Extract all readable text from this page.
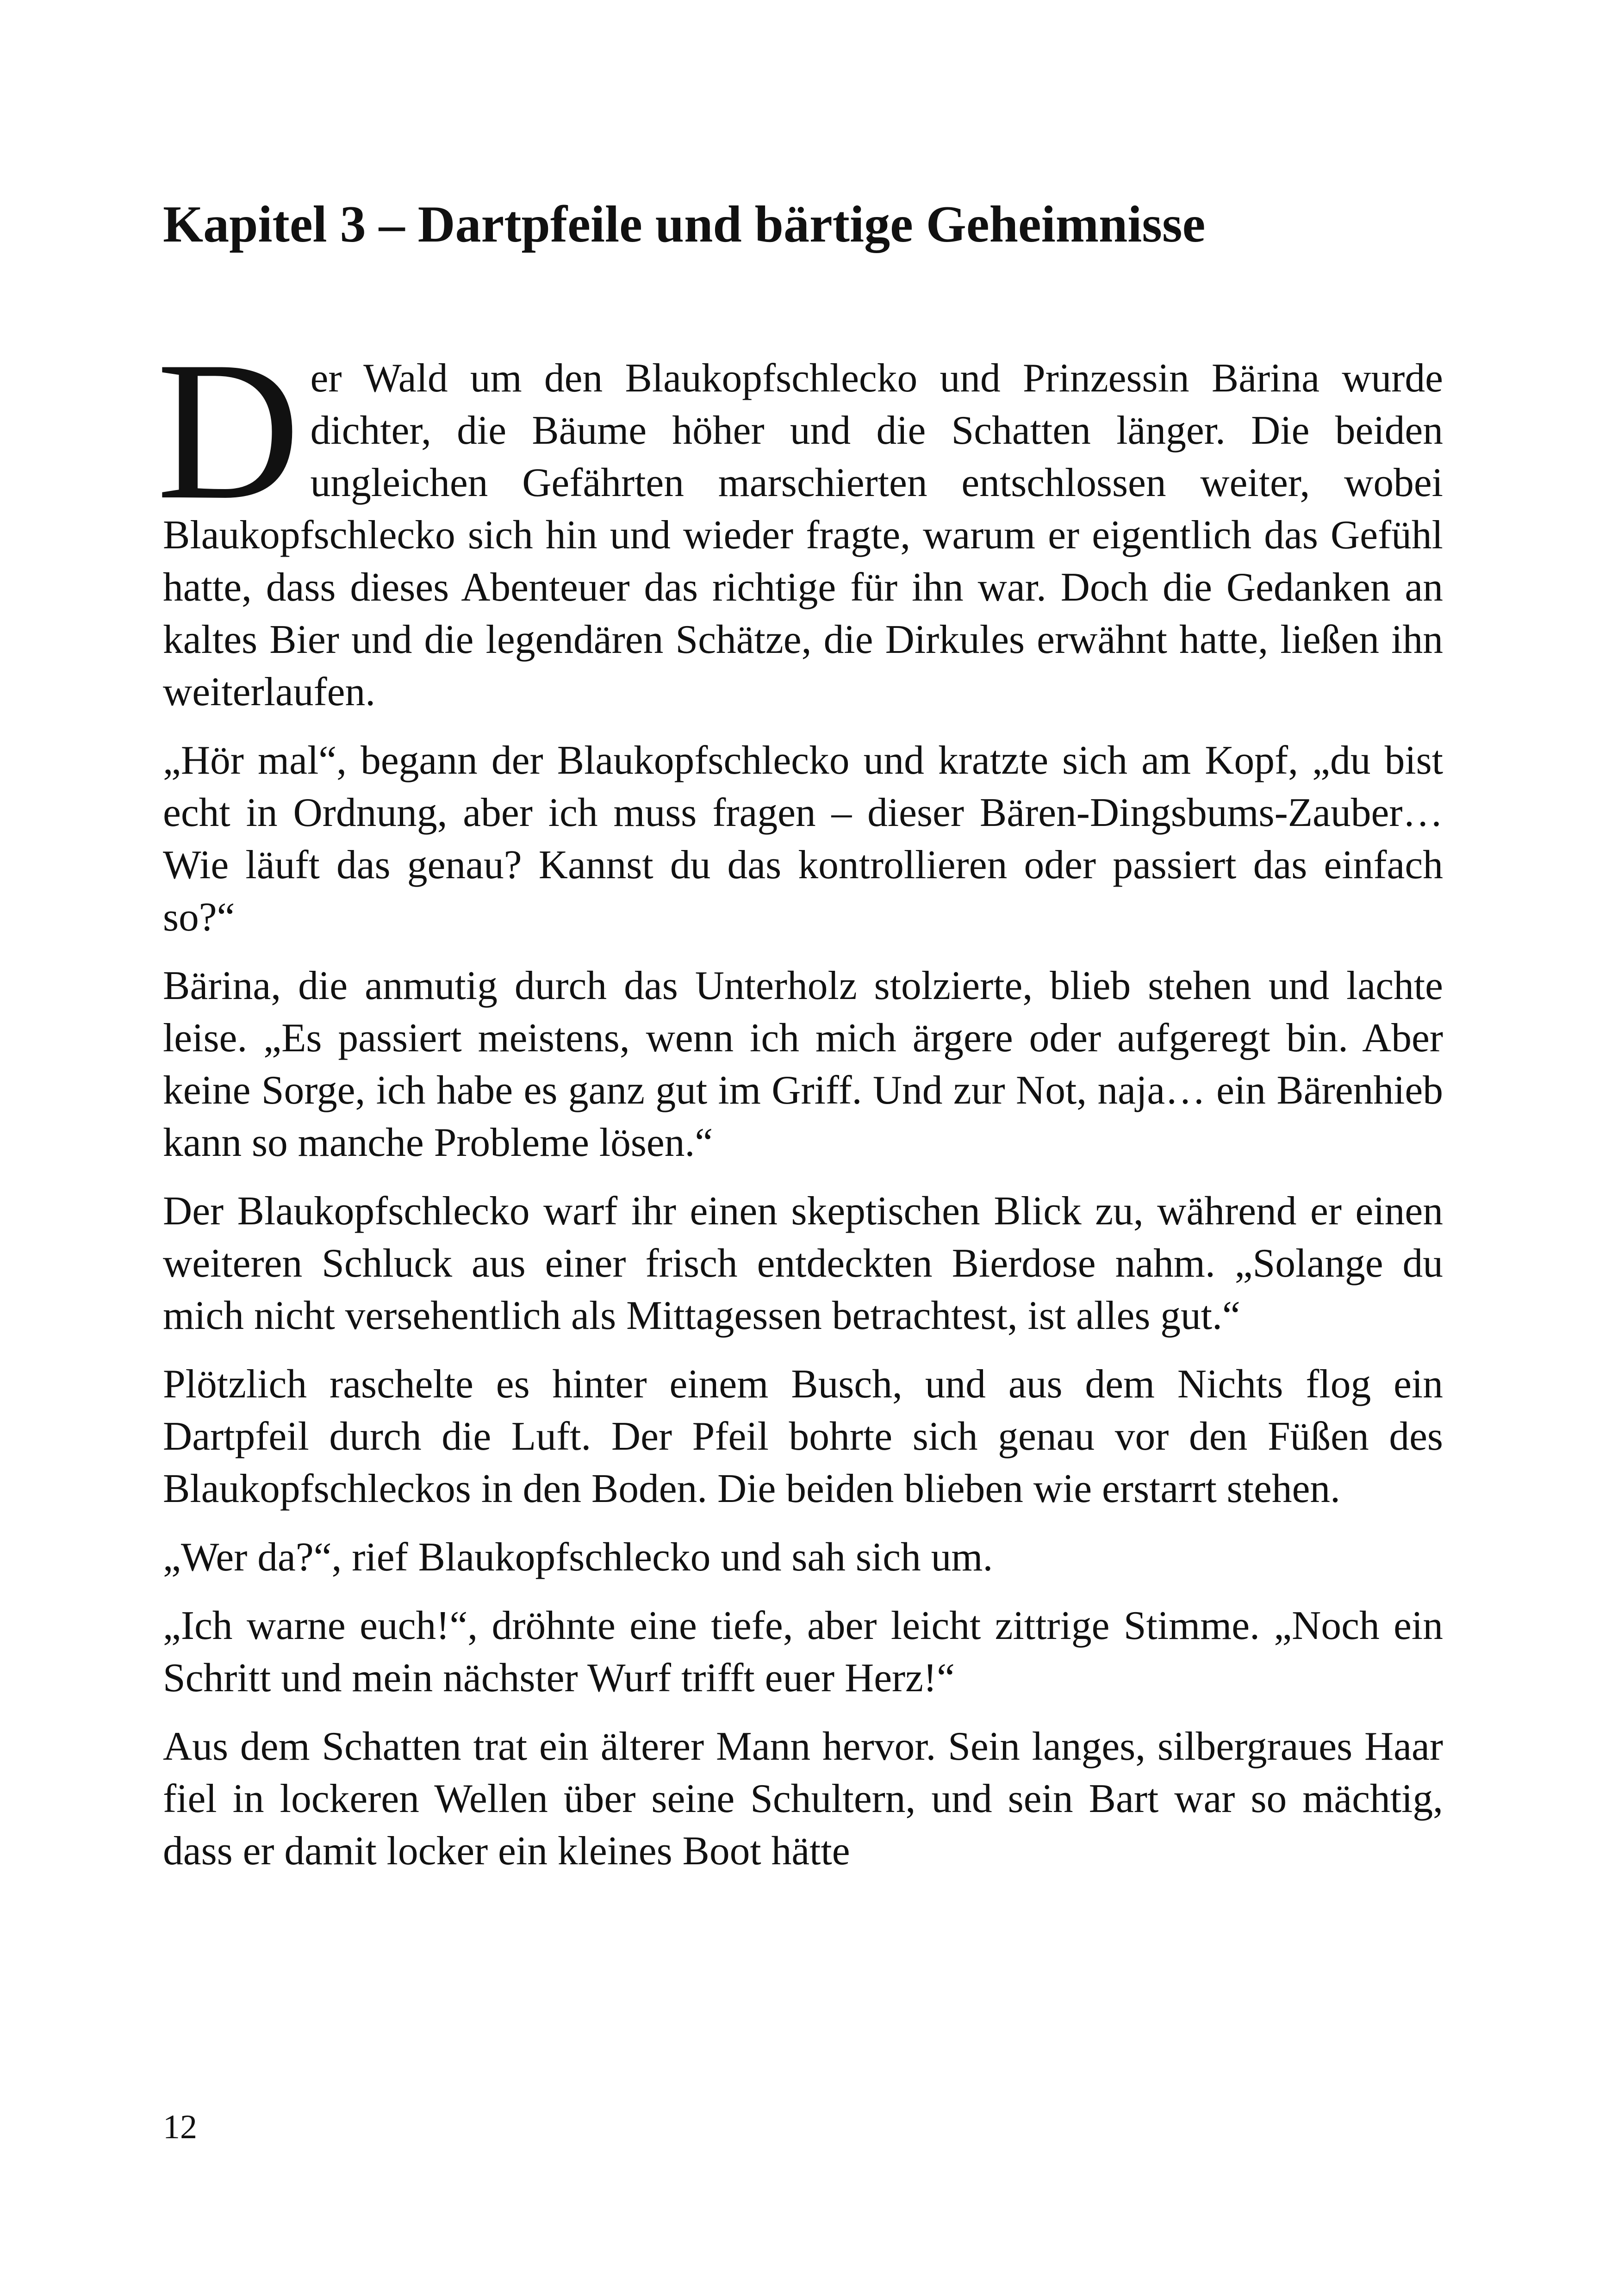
Kapitel 3 – Dartpfeile und bärtige Geheimnisse

Der Wald um den Blaukopfschlecko und Prinzessin Bärina wurde dichter, die Bäume höher und die Schatten länger. Die beiden ungleichen Gefährten marschierten entschlossen weiter, wobei Blaukopfschlecko sich hin und wieder fragte, warum er eigentlich das Gefühl hatte, dass dieses Abenteuer das richtige für ihn war. Doch die Gedanken an kaltes Bier und die legendären Schätze, die Dirkules erwähnt hatte, ließen ihn weiterlaufen.

„Hör mal“, begann der Blaukopfschlecko und kratzte sich am Kopf, „du bist echt in Ordnung, aber ich muss fragen – dieser Bären-Dingsbums-Zauber… Wie läuft das genau? Kannst du das kontrollieren oder passiert das einfach so?“

Bärina, die anmutig durch das Unterholz stolzierte, blieb stehen und lachte leise. „Es passiert meistens, wenn ich mich ärgere oder aufgeregt bin. Aber keine Sorge, ich habe es ganz gut im Griff. Und zur Not, naja… ein Bärenhieb kann so manche Probleme lösen.“

Der Blaukopfschlecko warf ihr einen skeptischen Blick zu, während er einen weiteren Schluck aus einer frisch entdeckten Bierdose nahm. „Solange du mich nicht versehentlich als Mittagessen betrachtest, ist alles gut.“

Plötzlich raschelte es hinter einem Busch, und aus dem Nichts flog ein Dartpfeil durch die Luft. Der Pfeil bohrte sich genau vor den Füßen des Blaukopfschleckos in den Boden. Die beiden blieben wie erstarrt stehen.

„Wer da?“, rief Blaukopfschlecko und sah sich um.

„Ich warne euch!“, dröhnte eine tiefe, aber leicht zittrige Stimme. „Noch ein Schritt und mein nächster Wurf trifft euer Herz!“

Aus dem Schatten trat ein älterer Mann hervor. Sein langes, silbergraues Haar fiel in lockeren Wellen über seine Schultern, und sein Bart war so mächtig, dass er damit locker ein kleines Boot hätte

12
